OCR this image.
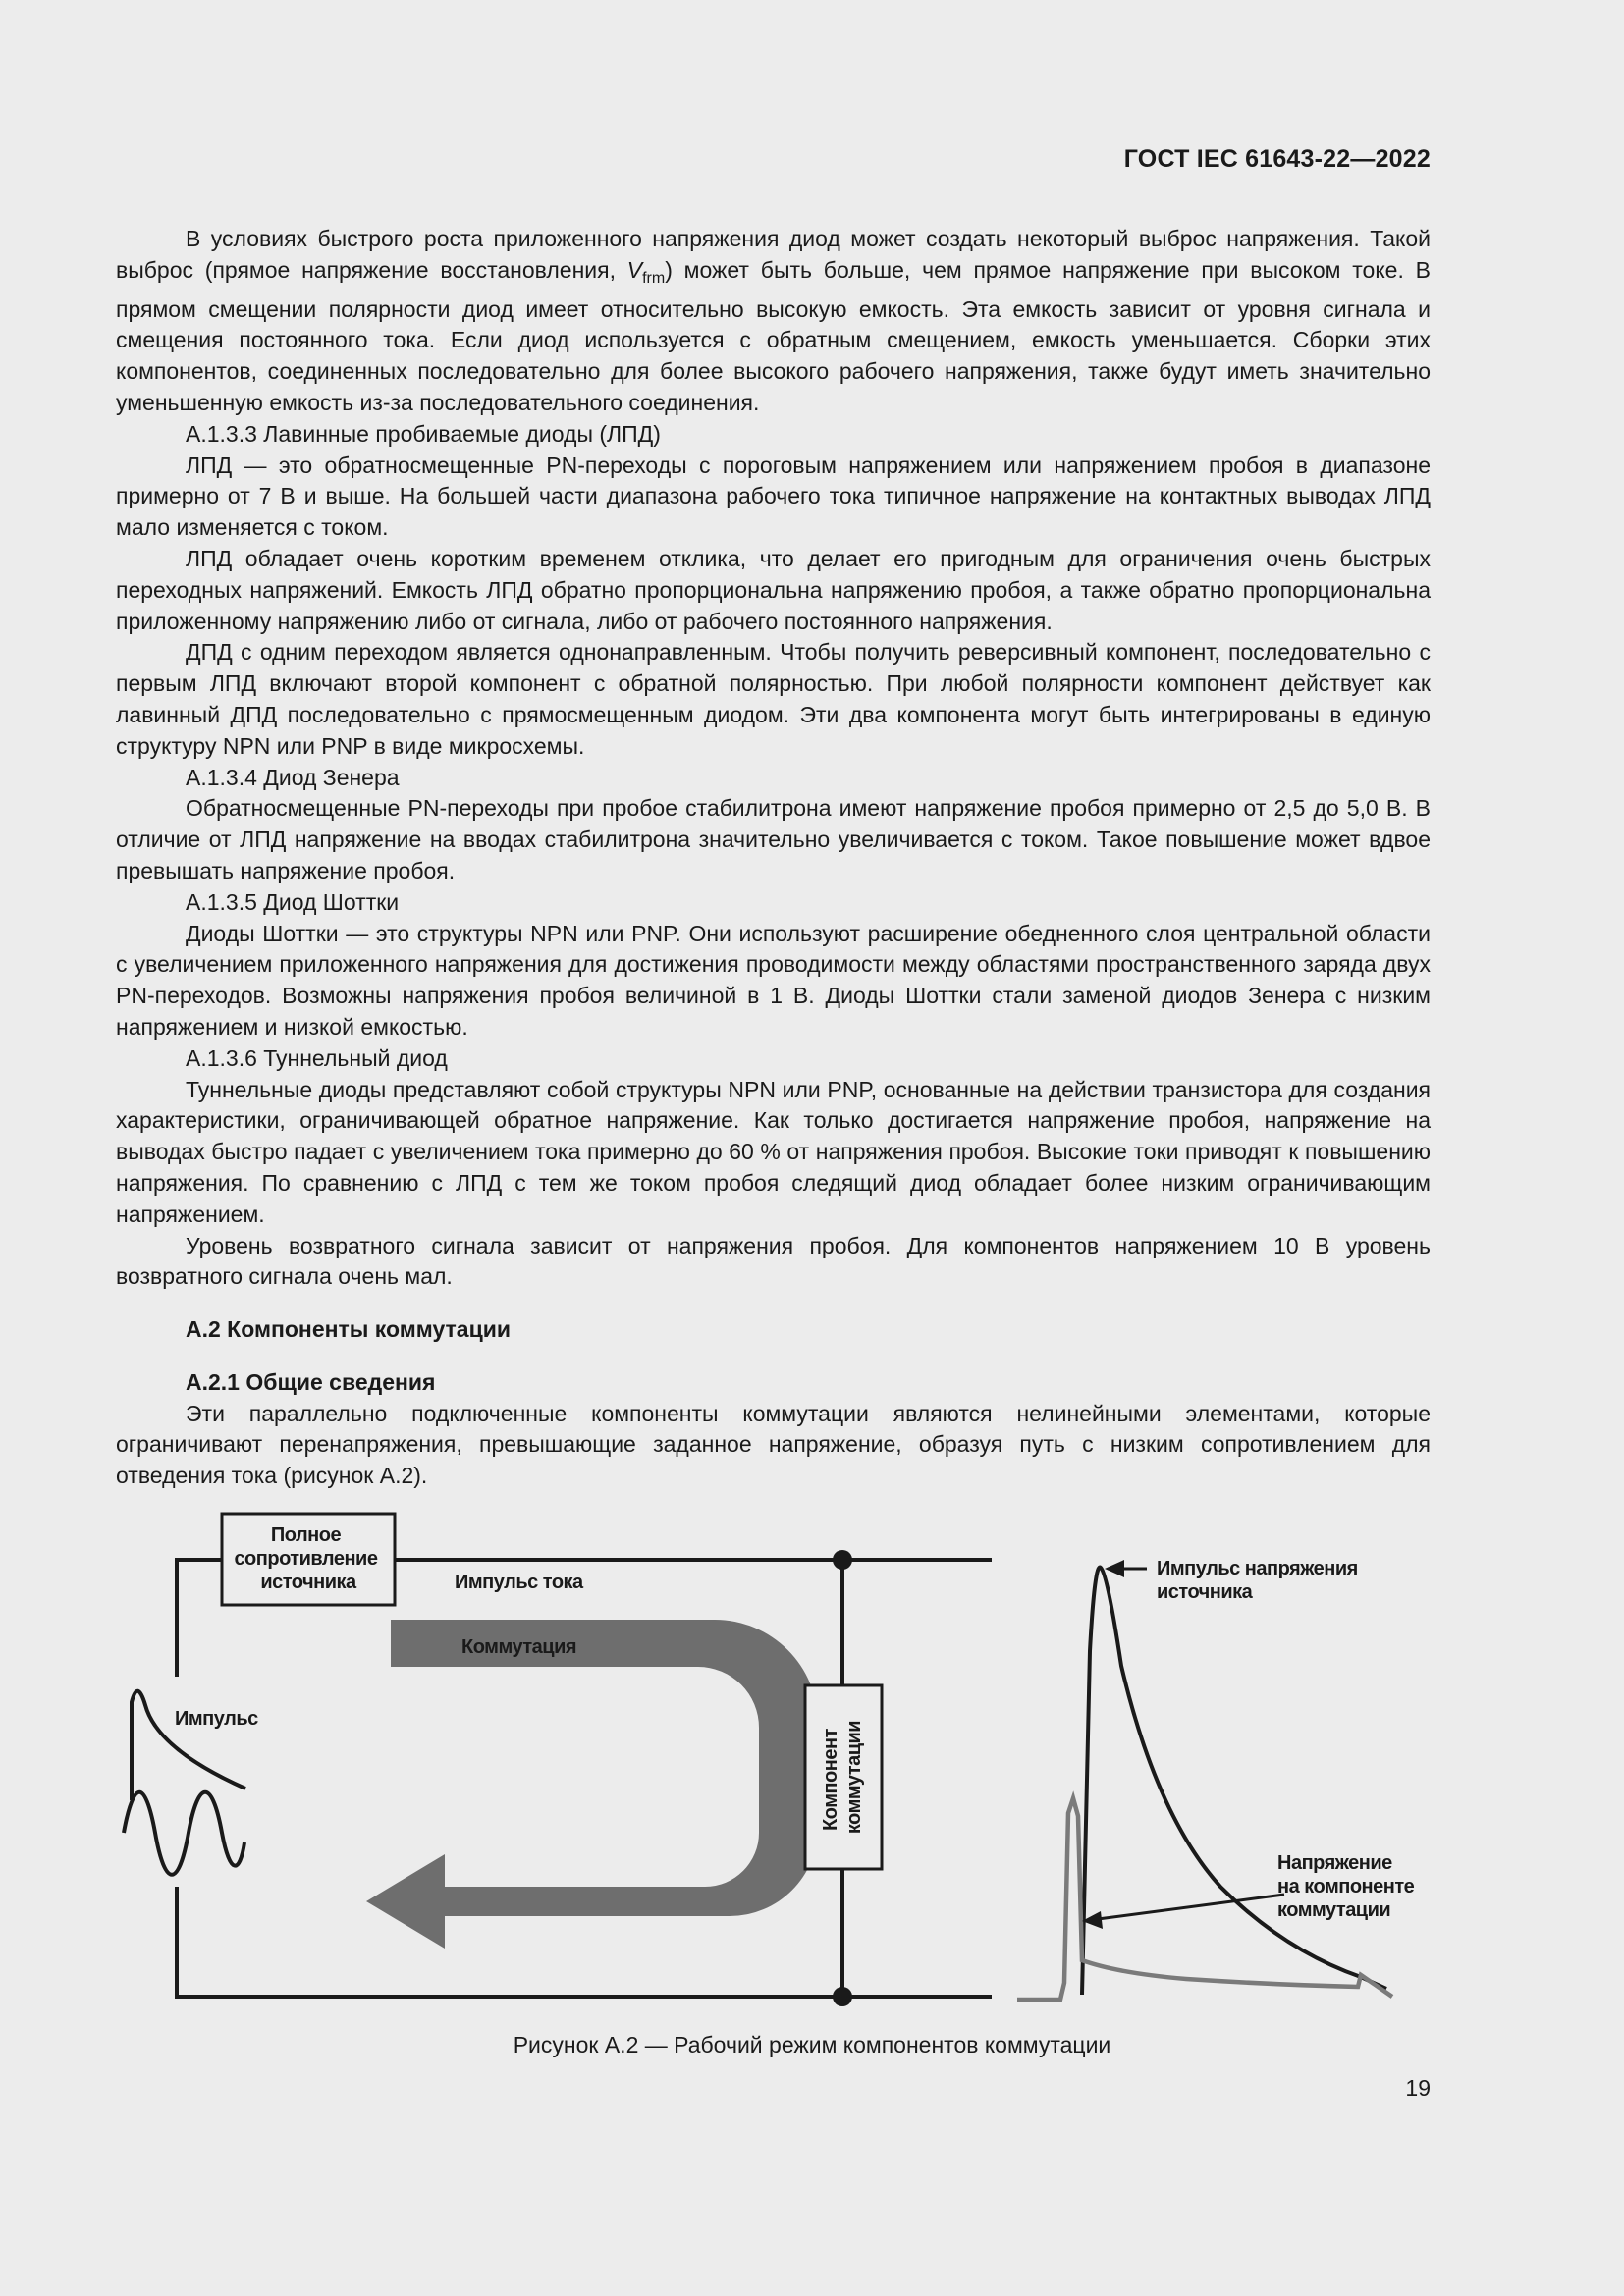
ГОСТ IEC 61643-22—2022

В условиях быстрого роста приложенного напряжения диод может создать некоторый выброс напряжения. Такой выброс (прямое напряжение восстановления, $V_{frm}$) может быть больше, чем прямое напряжение при высоком токе. В прямом смещении полярности диод имеет относительно высокую емкость. Эта емкость зависит от уровня сигнала и смещения постоянного тока. Если диод используется с обратным смещением, емкость уменьшается. Сборки этих компонентов, соединенных последовательно для более высокого рабочего напряжения, также будут иметь значительно уменьшенную емкость из-за последовательного соединения.

А.1.3.3 Лавинные пробиваемые диоды (ЛПД)

ЛПД — это обратносмещенные PN-переходы с пороговым напряжением или напряжением пробоя в диапазоне примерно от 7 В и выше. На большей части диапазона рабочего тока типичное напряжение на контактных выводах ЛПД мало изменяется с током.

ЛПД обладает очень коротким временем отклика, что делает его пригодным для ограничения очень быстрых переходных напряжений. Емкость ЛПД обратно пропорциональна напряжению пробоя, а также обратно пропорциональна приложенному напряжению либо от сигнала, либо от рабочего постоянного напряжения.

ДПД с одним переходом является однонаправленным. Чтобы получить реверсивный компонент, последовательно с первым ЛПД включают второй компонент с обратной полярностью. При любой полярности компонент действует как лавинный ДПД последовательно с прямосмещенным диодом. Эти два компонента могут быть интегрированы в единую структуру NPN или PNP в виде микросхемы.

А.1.3.4 Диод Зенера

Обратносмещенные PN-переходы при пробое стабилитрона имеют напряжение пробоя примерно от 2,5 до 5,0 В. В отличие от ЛПД напряжение на вводах стабилитрона значительно увеличивается с током. Такое повышение может вдвое превышать напряжение пробоя.

А.1.3.5 Диод Шоттки

Диоды Шоттки — это структуры NPN или PNP. Они используют расширение обедненного слоя центральной области с увеличением приложенного напряжения для достижения проводимости между областями пространственного заряда двух PN-переходов. Возможны напряжения пробоя величиной в 1 В. Диоды Шоттки стали заменой диодов Зенера с низким напряжением и низкой емкостью.

А.1.3.6 Туннельный диод

Туннельные диоды представляют собой структуры NPN или PNP, основанные на действии транзистора для создания характеристики, ограничивающей обратное напряжение. Как только достигается напряжение пробоя, напряжение на выводах быстро падает с увеличением тока примерно до 60 % от напряжения пробоя. Высокие токи приводят к повышению напряжения. По сравнению с ЛПД с тем же током пробоя следящий диод обладает более низким ограничивающим напряжением.

Уровень возвратного сигнала зависит от напряжения пробоя. Для компонентов напряжением 10 В уровень возвратного сигнала очень мал.

А.2 Компоненты коммутации

А.2.1 Общие сведения

Эти параллельно подключенные компоненты коммутации являются нелинейными элементами, которые ограничивают перенапряжения, превышающие заданное напряжение, образуя путь с низким сопротивлением для отведения тока (рисунок А.2).

Полное сопротивление источника	Импульс тока
Коммутация
Импульс
Компонент коммутации
Импульс напряжения источника
Напряжение на компоненте коммутации

Рисунок А.2 — Рабочий режим компонентов коммутации

19
